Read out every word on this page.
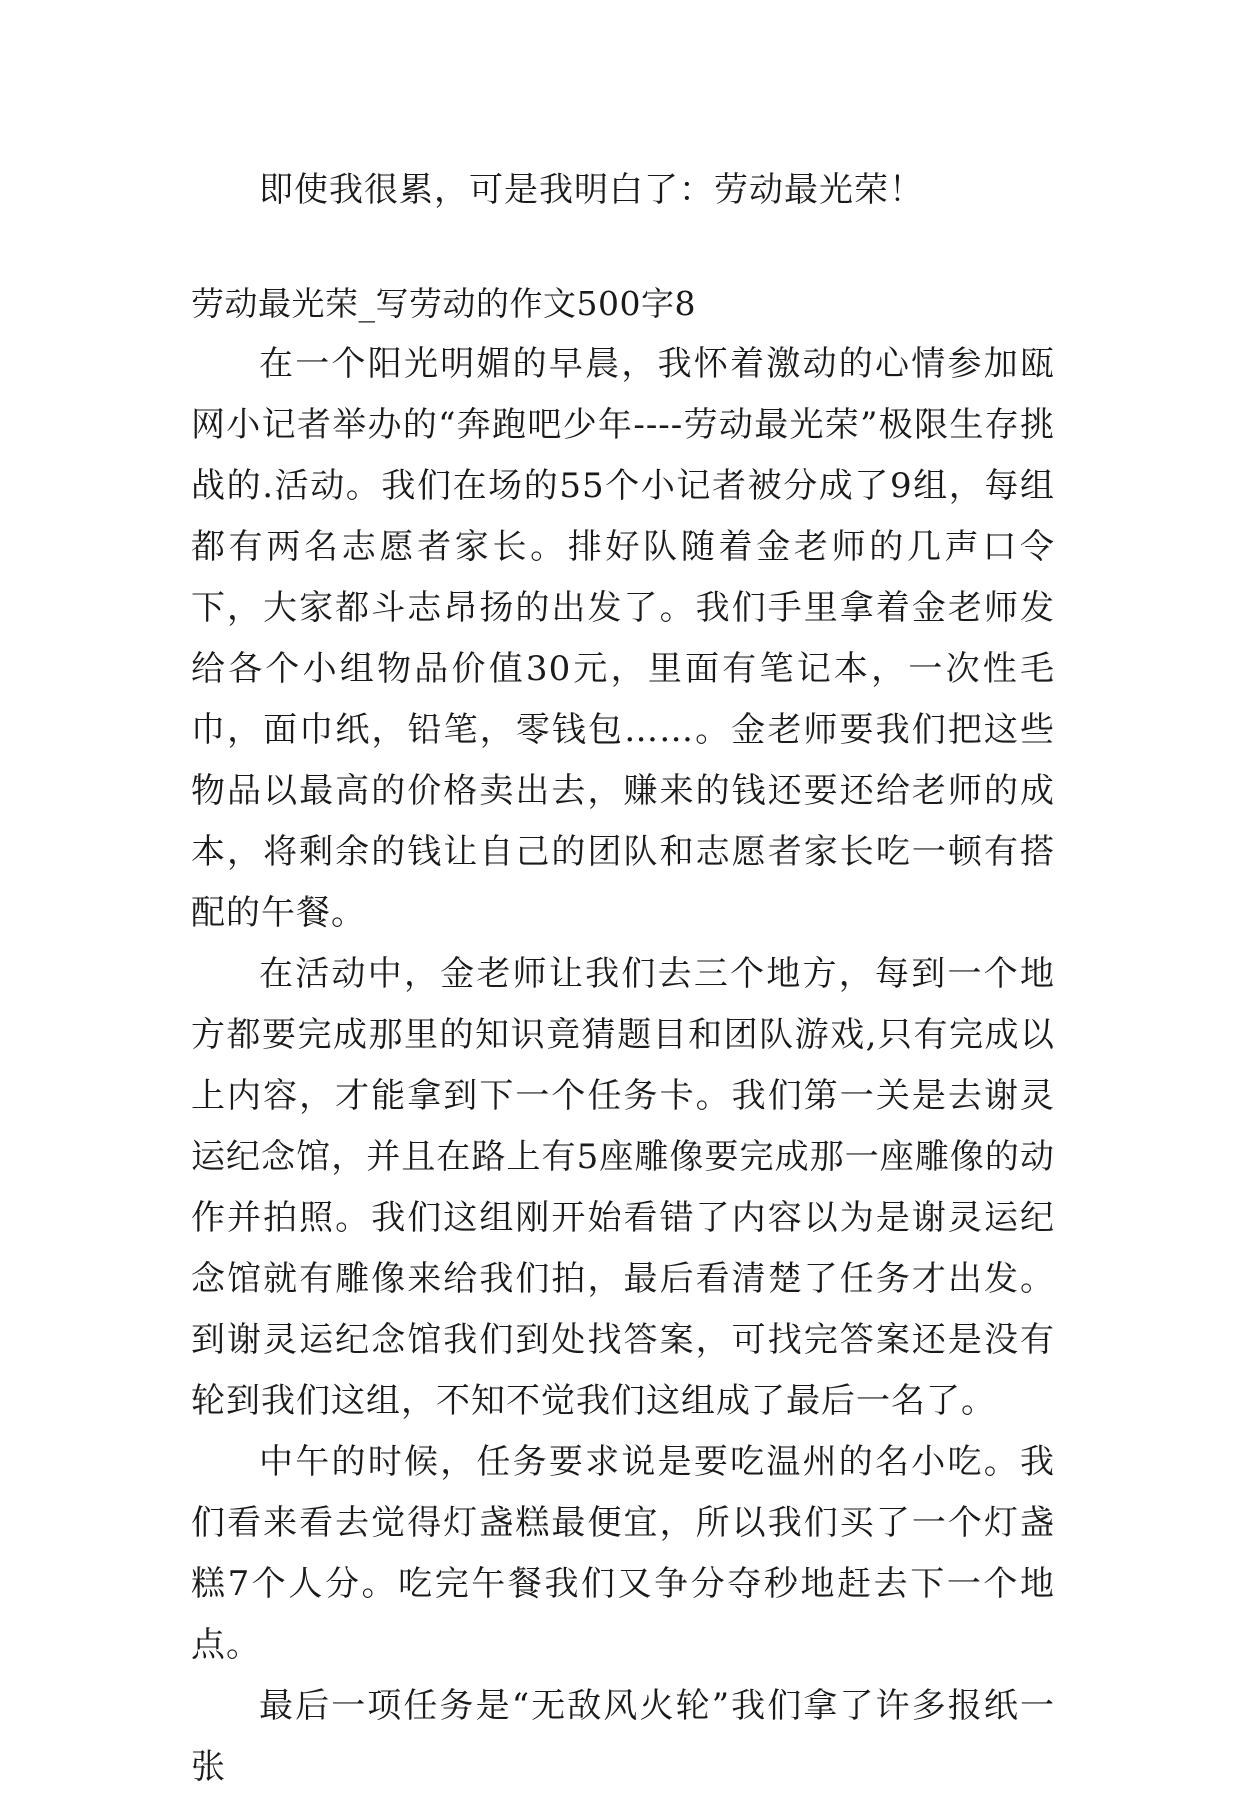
即使我很累，可是我明白了：劳动最光荣！

劳动最光荣_写劳动的作文500字8

在一个阳光明媚的早晨，我怀着激动的心情参加瓯网小记者举办的“奔跑吧少年----劳动最光荣”极限生存挑战的.活动。我们在场的55个小记者被分成了9组，每组都有两名志愿者家长。排好队随着金老师的几声口令下，大家都斗志昂扬的出发了。我们手里拿着金老师发给各个小组物品价值30元，里面有笔记本，一次性毛巾，面巾纸，铅笔，零钱包……。金老师要我们把这些物品以最高的价格卖出去，赚来的钱还要还给老师的成本，将剩余的钱让自己的团队和志愿者家长吃一顿有搭配的午餐。

在活动中，金老师让我们去三个地方，每到一个地方都要完成那里的知识竟猜题目和团队游戏,只有完成以上内容，才能拿到下一个任务卡。我们第一关是去谢灵运纪念馆，并且在路上有5座雕像要完成那一座雕像的动作并拍照。我们这组刚开始看错了内容以为是谢灵运纪念馆就有雕像来给我们拍，最后看清楚了任务才出发。到谢灵运纪念馆我们到处找答案，可找完答案还是没有轮到我们这组，不知不觉我们这组成了最后一名了。

中午的时候，任务要求说是要吃温州的名小吃。我们看来看去觉得灯盏糕最便宜，所以我们买了一个灯盏糕7个人分。吃完午餐我们又争分夺秒地赶去下一个地点。

最后一项任务是“无敌风火轮”我们拿了许多报纸一张
